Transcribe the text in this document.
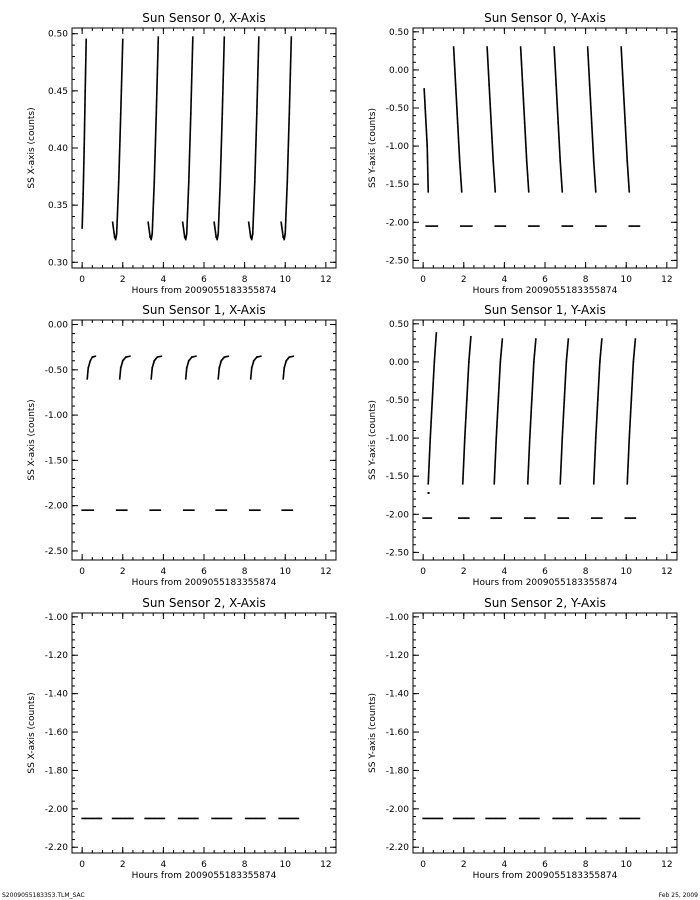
Sun Sensor 0, X-Axis
0	2	4	6	8	10	12
0.30
0.35
0.40
0.45
0.50
Hours from 2009055183355874
SS X-axis (counts)
Sun Sensor 0, Y-Axis
0	2	4	6	8	10	12
-2.50
-2.00
-1.50
-1.00
-0.50
0.00
0.50
Hours from 2009055183355874
SS Y-axis (counts)
Sun Sensor 1, X-Axis
0	2	4	6	8	10	12
-2.50
-2.00
-1.50
-1.00
-0.50
0.00
Hours from 2009055183355874
SS X-axis (counts)
Sun Sensor 1, Y-Axis
0	2	4	6	8	10	12
-2.50
-2.00
-1.50
-1.00
-0.50
0.00
0.50
Hours from 2009055183355874
SS Y-axis (counts)
Sun Sensor 2, X-Axis
0	2	4	6	8	10	12
-2.20
-2.00
-1.80
-1.60
-1.40
-1.20
-1.00
Hours from 2009055183355874
SS X-axis (counts)
Sun Sensor 2, Y-Axis
0	2	4	6	8	10	12
-2.20
-2.00
-1.80
-1.60
-1.40
-1.20
-1.00
Hours from 2009055183355874
SS Y-axis (counts)
S2009055183353.TLM_SAC	Feb 25, 2009
